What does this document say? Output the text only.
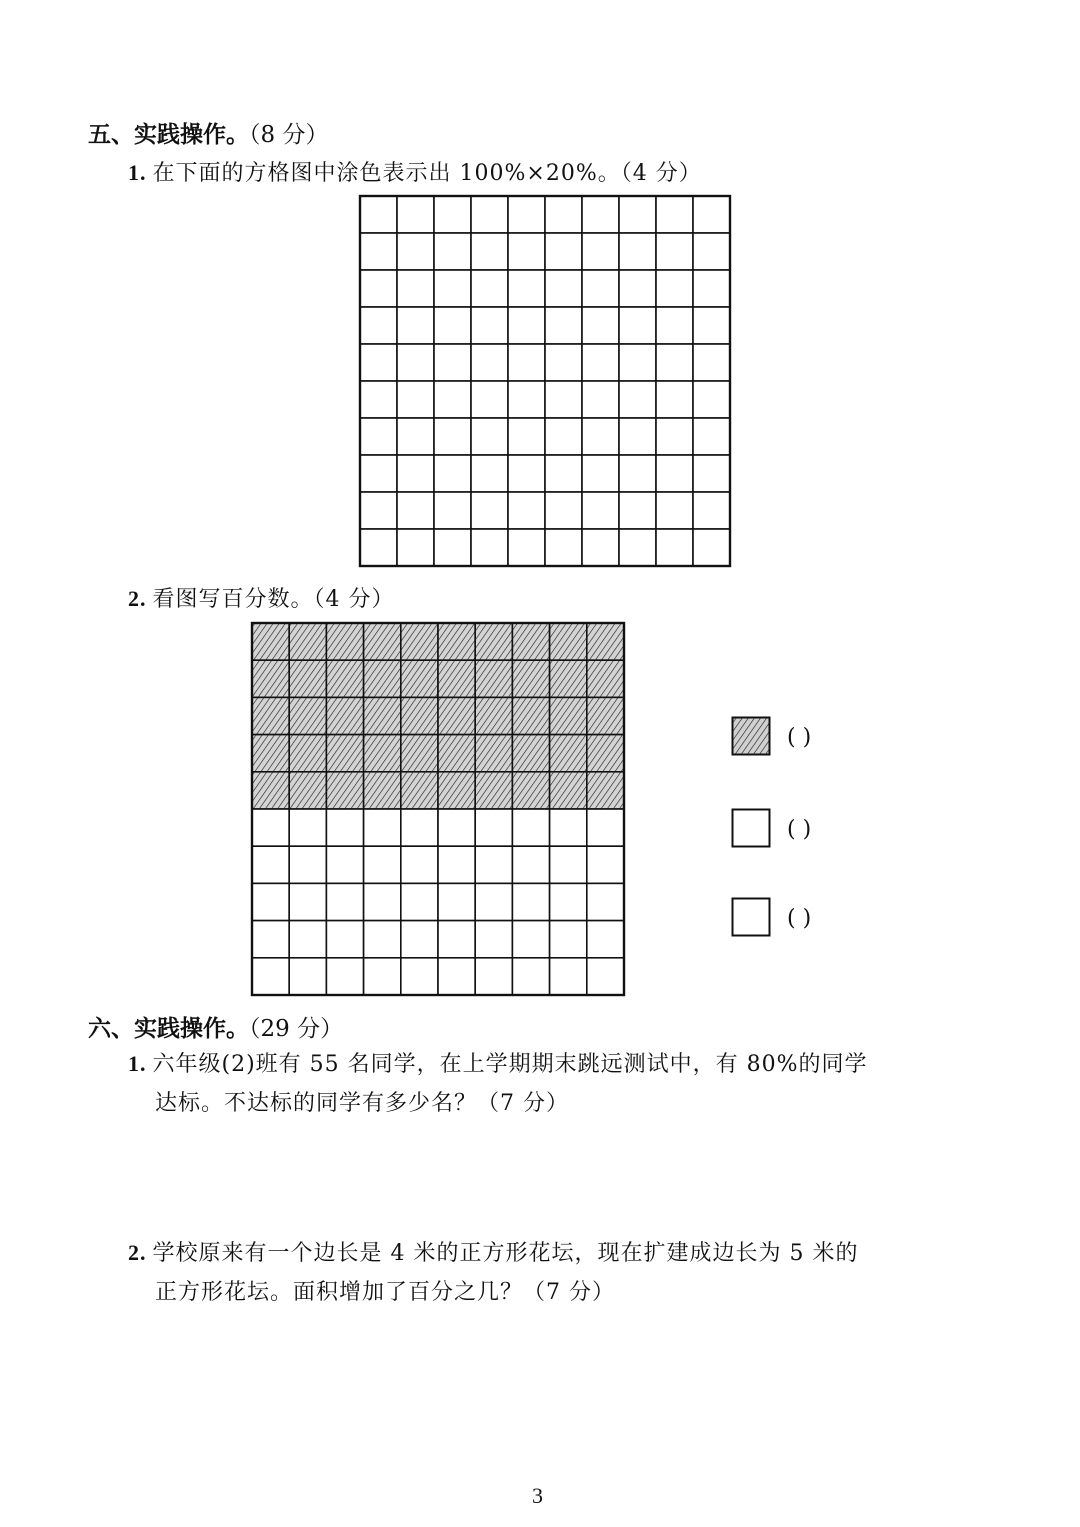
五、实践操作。（8 分）
1. 在下面的方格图中涂色表示出 100%×20%。（4 分）
2. 看图写百分数。（4 分）
( )
( )
( )
六、实践操作。（29 分）
1. 六年级(2)班有 55 名同学，在上学期期末跳远测试中，有 80%的同学
达标。不达标的同学有多少名？（7 分）
2. 学校原来有一个边长是 4 米的正方形花坛，现在扩建成边长为 5 米的
正方形花坛。面积增加了百分之几？（7 分）
3
